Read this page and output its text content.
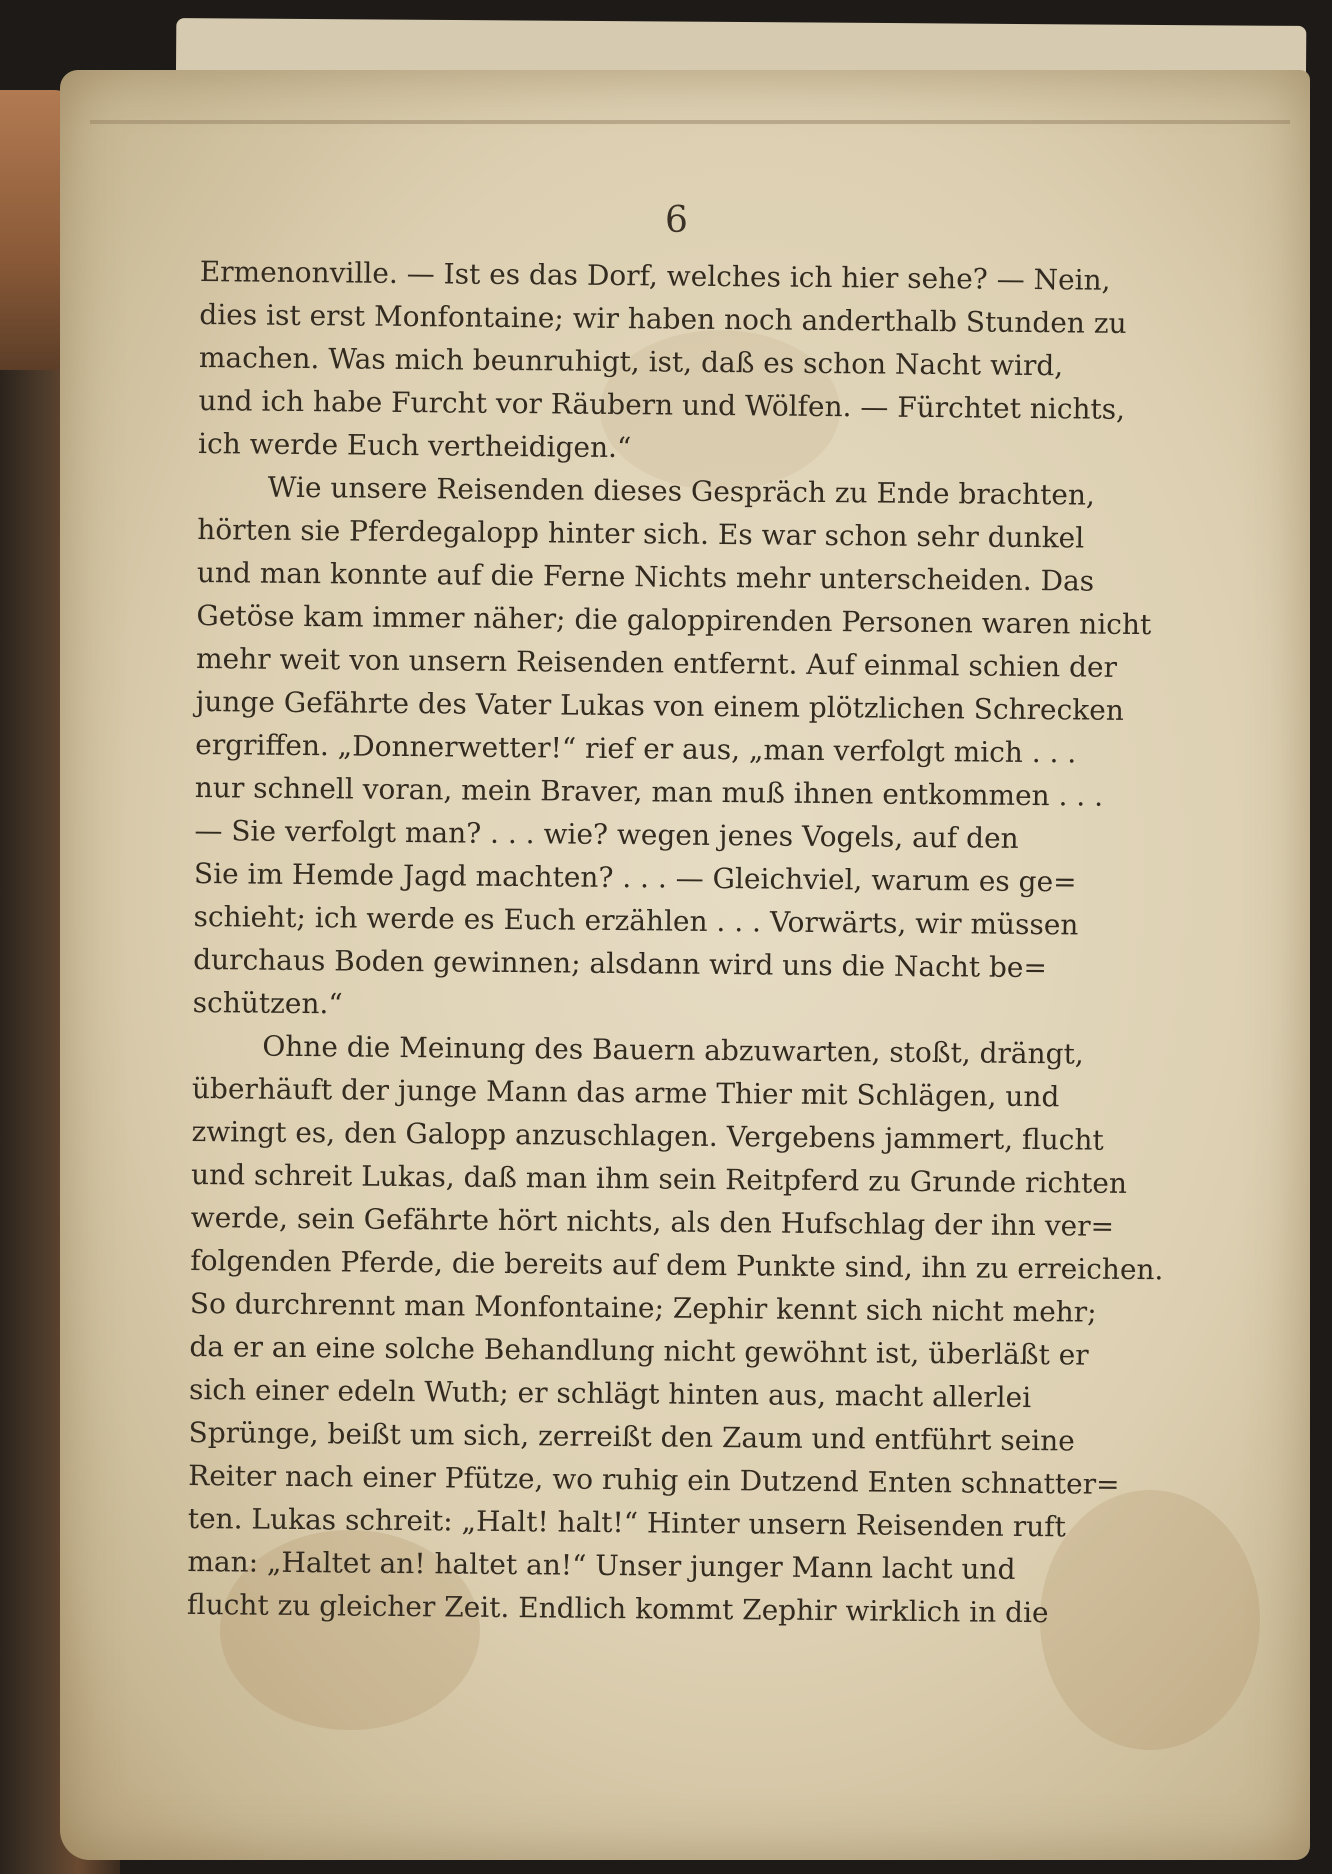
6

Ermenonville. — Ist es das Dorf, welches ich hier sehe? — Nein,
dies ist erst Monfontaine; wir haben noch anderthalb Stunden zu
machen. Was mich beunruhigt, ist, daß es schon Nacht wird,
und ich habe Furcht vor Räubern und Wölfen. — Fürchtet nichts,
ich werde Euch vertheidigen.“

Wie unsere Reisenden dieses Gespräch zu Ende brachten,
hörten sie Pferdegalopp hinter sich. Es war schon sehr dunkel
und man konnte auf die Ferne Nichts mehr unterscheiden. Das
Getöse kam immer näher; die galoppirenden Personen waren nicht
mehr weit von unsern Reisenden entfernt. Auf einmal schien der
junge Gefährte des Vater Lukas von einem plötzlichen Schrecken
ergriffen. „Donnerwetter!“ rief er aus, „man verfolgt mich . . .
nur schnell voran, mein Braver, man muß ihnen entkommen . . .
— Sie verfolgt man? . . . wie? wegen jenes Vogels, auf den
Sie im Hemde Jagd machten? . . . — Gleichviel, warum es ge=
schieht; ich werde es Euch erzählen . . . Vorwärts, wir müssen
durchaus Boden gewinnen; alsdann wird uns die Nacht be=
schützen.“

Ohne die Meinung des Bauern abzuwarten, stoßt, drängt,
überhäuft der junge Mann das arme Thier mit Schlägen, und
zwingt es, den Galopp anzuschlagen. Vergebens jammert, flucht
und schreit Lukas, daß man ihm sein Reitpferd zu Grunde richten
werde, sein Gefährte hört nichts, als den Hufschlag der ihn ver=
folgenden Pferde, die bereits auf dem Punkte sind, ihn zu erreichen.
So durchrennt man Monfontaine; Zephir kennt sich nicht mehr;
da er an eine solche Behandlung nicht gewöhnt ist, überläßt er
sich einer edeln Wuth; er schlägt hinten aus, macht allerlei
Sprünge, beißt um sich, zerreißt den Zaum und entführt seine
Reiter nach einer Pfütze, wo ruhig ein Dutzend Enten schnatter=
ten. Lukas schreit: „Halt! halt!“ Hinter unsern Reisenden ruft
man: „Haltet an! haltet an!“ Unser junger Mann lacht und
flucht zu gleicher Zeit. Endlich kommt Zephir wirklich in die
